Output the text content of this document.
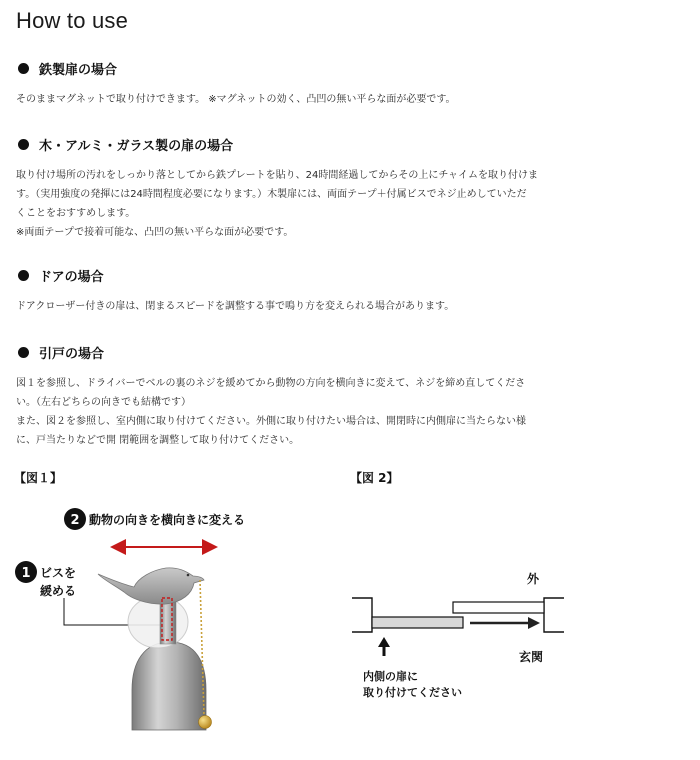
How to use
鉄製扉の場合

そのままマグネットで取り付けできます。 ※マグネットの効く、凸凹の無い平らな面が必要です。

木・アルミ・ガラス製の扉の場合

取り付け場所の汚れをしっかり落としてから鉄プレートを貼り、24時間経過してからその上にチャイムを取り付けま

す。（実用強度の発揮には24時間程度必要になります。）木製扉には、両面テープ＋付属ビスでネジ止めしていただ

くことをおすすめします。

※両面テープで接着可能な、凸凹の無い平らな面が必要です。

ドアの場合

ドアクローザー付きの扉は、閉まるスピードを調整する事で鳴り方を変えられる場合があります。

引戸の場合

図１を参照し、ドライバーでベルの裏のネジを緩めてから動物の方向を横向きに変えて、ネジを締め直してくださ

い。（左右どちらの向きでも結構です）

また、図２を参照し、室内側に取り付けてください。外側に取り付けたい場合は、開閉時に内側扉に当たらない様

に、戸当たりなどで開 閉範囲を調整して取り付けてください。

【図１】	【図 2】
2 動物の向きを横向きに変える
1 ビスを
緩める
外
玄関
内側の扉に
取り付けてください
